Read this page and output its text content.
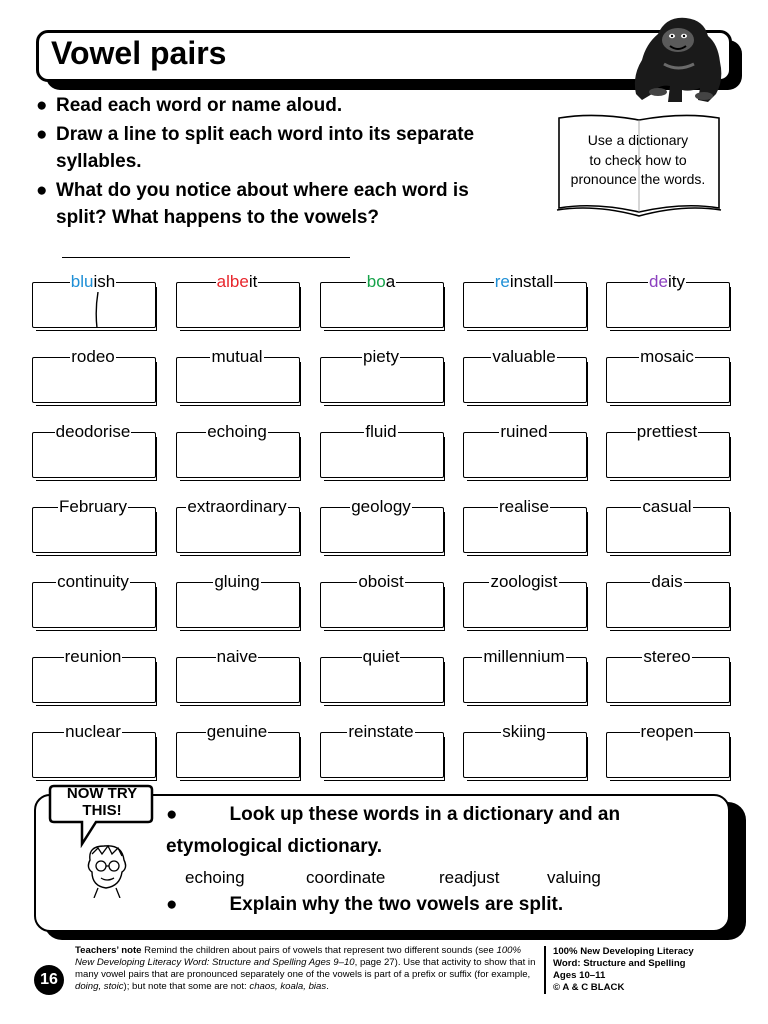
Vowel pairs
● Read each word or name aloud.
● Draw a line to split each word into its separate syllables.
● What do you notice about where each word is split? What happens to the vowels?
Use a dictionary
to check how to
pronounce the words.
bluish	albeit	boa	reinstall	deity
rodeo	mutual	piety	valuable	mosaic
deodorise	echoing	fluid	ruined	prettiest
February	extraordinary	geology	realise	casual
continuity	gluing	oboist	zoologist	dais
reunion	naive	quiet	millennium	stereo
nuclear	genuine	reinstate	skiing	reopen
NOW TRY
THIS!	●	Look up these words in a dictionary and an
etymological dictionary.
echoing	coordinate	readjust	valuing
●	Explain why the two vowels are split.
16
Teachers’ note Remind the children about pairs of vowels that represent two different sounds (see 100% New Developing Literacy Word: Structure and Spelling Ages 9–10, page 27). Use that activity to show that in many vowel pairs that are pronounced separately one of the vowels is part of a prefix or suffix (for example, doing, stoic); but note that some are not: chaos, koala, bias.
100% New Developing Literacy
Word: Structure and Spelling
Ages 10–11
© A & C BLACK
